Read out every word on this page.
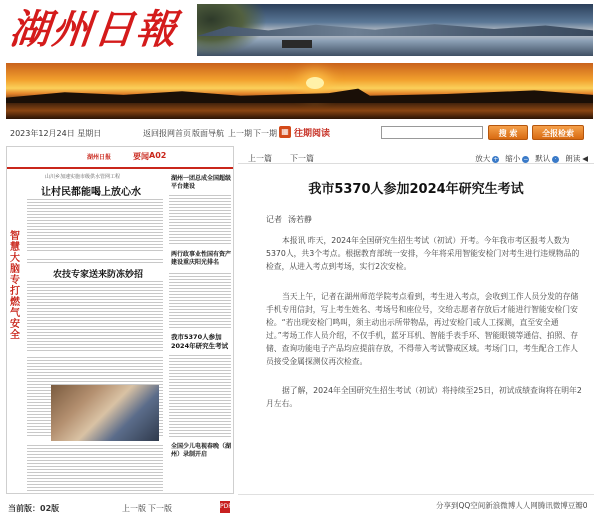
湖州日報
2023年12月24日 星期日	返回报网首页 版面导航 上一期 下一期 ▦ 往期阅读	搜 索	全报检索
湖州日报	要闻 A02
山川乡加速实施市级供水管网工程
让村民都能喝上放心水
湖州一团总成全国超级平台建设
智慧大脑专打燃气安全
农技专家送来防冻妙招
两行政事业性国有资产建设重庆阳光排名
我市5370人参加2024年研究生考试
全国少儿电视春晚（湖州）录制开启
当前版：02版	上一版 下一版	PDF	分享到QQ空间新浪微博人人网腾讯微博豆瓣0
上一篇 下一篇	放大 + 缩小 − 默认 ·	朗读 ◀
我市5370人参加2024年研究生考试
记者 汤若静

本报讯 昨天，2024年全国研究生招生考试（初试）开考。今年我市考区报考人数为5370人，共3个考点。根据教育部统一安排，今年将采用智能安检门对考生进行违规物品的检查，从进入考点到考场，实行2次安检。

当天上午，记者在湖州师范学院考点看到，考生进入考点，会收到工作人员分发的存储手机专用信封，写上考生姓名、考场号和座位号，交给志愿者存放后才能进行智能安检门安检。“若出现安检门鸣叫，须主动出示所带物品，再过安检门或人工探测，直至安全通过。”考场工作人员介绍，不仅手机，蓝牙耳机、智能手表手环、智能眼镜等通信、拍照、存储、查询功能电子产品均应提前存放，不得带入考试警戒区域。考场门口，考生配合工作人员接受金属探测仪再次检查。

据了解，2024年全国研究生招生考试（初试）将持续至25日，初试成绩查询将在明年2月左右。
